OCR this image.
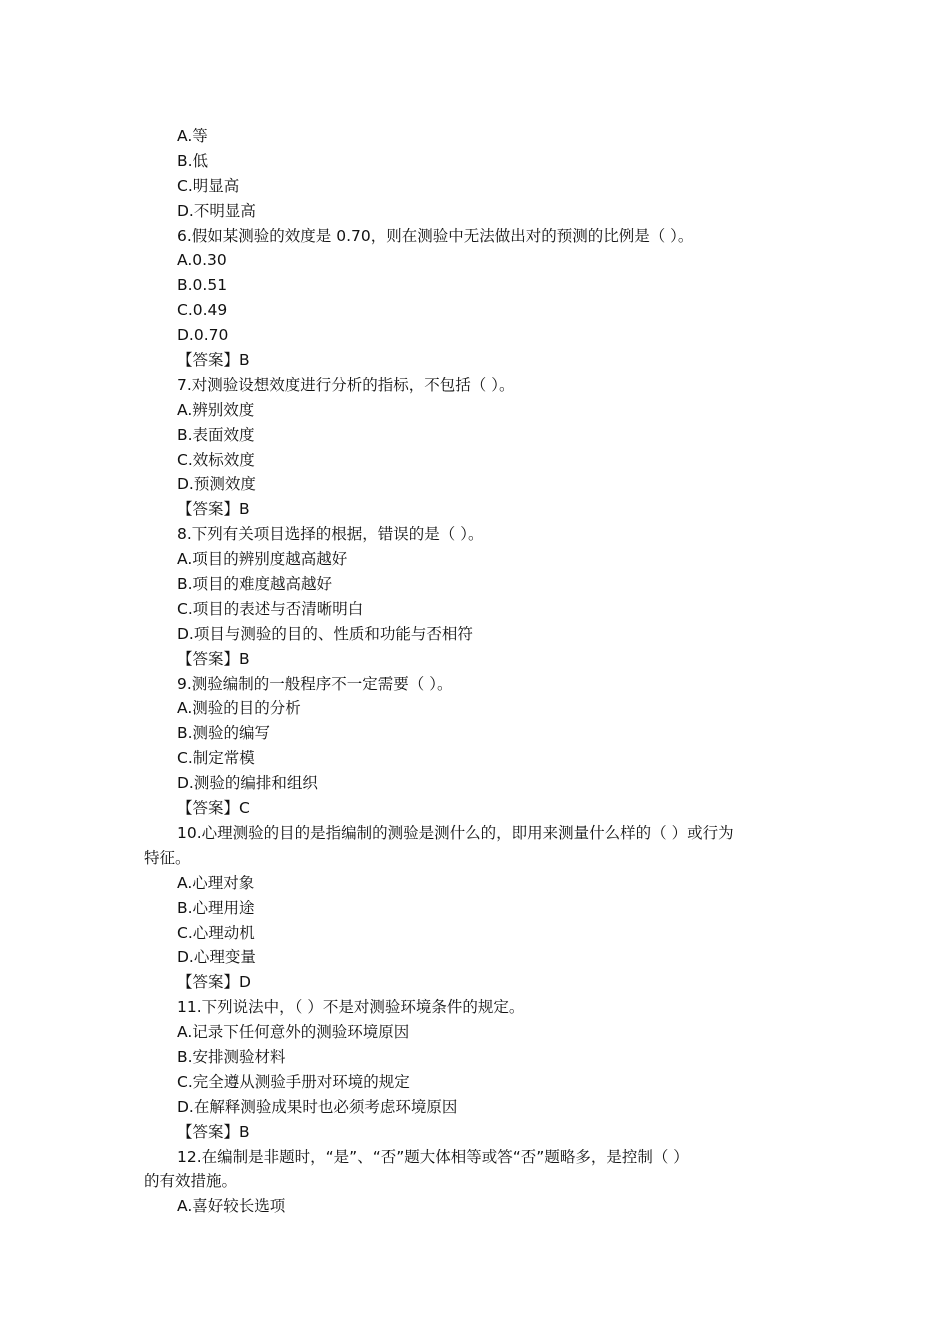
A.等
B.低
C.明显高
D.不明显高
6.假如某测验的效度是 0.70，则在测验中无法做出对的预测的比例是（ ）。
A.0.30
B.0.51
C.0.49
D.0.70
【答案】B
7.对测验设想效度进行分析的指标，不包括（ ）。
A.辨别效度
B.表面效度
C.效标效度
D.预测效度
【答案】B
8.下列有关项目选择的根据，错误的是（ ）。
A.项目的辨别度越高越好
B.项目的难度越高越好
C.项目的表述与否清晰明白
D.项目与测验的目的、性质和功能与否相符
【答案】B
9.测验编制的一般程序不一定需要（ ）。
A.测验的目的分析
B.测验的编写
C.制定常模
D.测验的编排和组织
【答案】C
10.心理测验的目的是指编制的测验是测什么的，即用来测量什么样的（ ）或行为
特征。
A.心理对象
B.心理用途
C.心理动机
D.心理变量
【答案】D
11.下列说法中，（ ）不是对测验环境条件的规定。
A.记录下任何意外的测验环境原因
B.安排测验材料
C.完全遵从测验手册对环境的规定
D.在解释测验成果时也必须考虑环境原因
【答案】B
12.在编制是非题时，“是”、“否”题大体相等或答“否”题略多，是控制（ ）
的有效措施。
A.喜好较长选项
